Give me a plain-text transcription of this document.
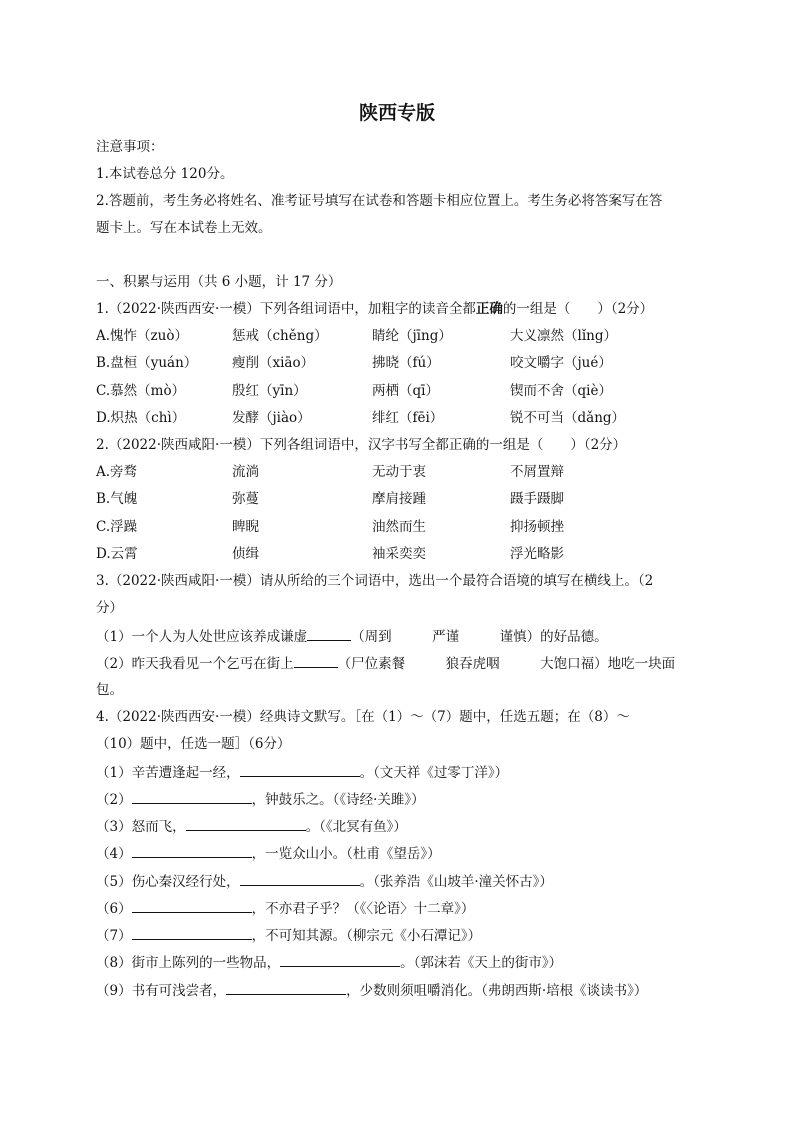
陕西专版
注意事项：
1.本试卷总分 120分。
2.答题前，考生务必将姓名、准考证号填写在试卷和答题卡相应位置上。考生务必将答案写在答
题卡上。写在本试卷上无效。
一、积累与运用（共 6 小题，计 17 分）
1.（2022·陕西西安·一模）下列各组词语中，加粗字的读音全都正确的一组是（　　）（2分）
A.愧怍（zuò）	惩戒（chěng）	睛纶（jīng）	大义凛然（lǐng）
B.盘桓（yuán）	瘦削（xiāo）	拂晓（fú）	咬文嚼字（jué）
C.慕然（mò）	殷红（yīn）	两栖（qī）	锲而不舍（qiè）
D.炽热（chì）	发酵（jiào）	绯红（fēi）	锐不可当（dǎng）
2.（2022·陕西咸阳·一模）下列各组词语中，汉字书写全都正确的一组是（　　）（2分）
A.旁骛	流淌	无动于衷	不屑置辩
B.气魄	弥蔓	摩肩接踵	蹑手蹑脚
C.浮躁	睥睨	油然而生	抑扬顿挫
D.云霄	侦缉	袖采奕奕	浮光略影
3.（2022·陕西咸阳·一模）请从所给的三个词语中，选出一个最符合语境的填写在横线上。（2
分）
（1）一个人为人处世应该养成谦虚	（周到　　　严谨　　　谨慎）的好品德。
（2）昨天我看见一个乞丐在街上	（尸位素餐　　　狼吞虎咽　　　大饱口福）地吃一块面
包。
4.（2022·陕西西安·一模）经典诗文默写。［在（1）～（7）题中，任选五题；在（8）～
（10）题中，任选一题］（6分）
（1）辛苦遭逢起一经，	。（文天祥《过零丁洋》）
（2）	，钟鼓乐之。（《诗经·关雎》）
（3）怒而飞，	。（《北冥有鱼》）
（4）	，一览众山小。（杜甫《望岳》）
（5）伤心秦汉经行处，	。（张养浩《山坡羊·潼关怀古》）
（6）	，不亦君子乎？（《〈论语〉十二章》）
（7）	，不可知其源。（柳宗元《小石潭记》）
（8）街市上陈列的一些物品，	。（郭沫若《天上的街市》）
（9）书有可浅尝者，	，少数则须咀嚼消化。（弗朗西斯·培根《谈读书》）
